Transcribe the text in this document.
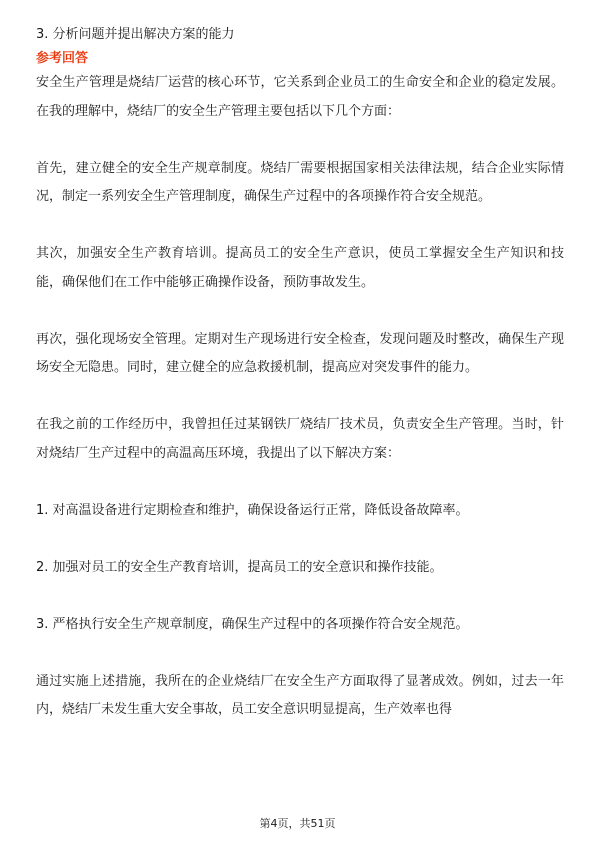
3. 分析问题并提出解决方案的能力
参考回答

安全生产管理是烧结厂运营的核心环节，它关系到企业员工的生命安全和企业的稳定发展。在我的理解中，烧结厂的安全生产管理主要包括以下几个方面：

首先，建立健全的安全生产规章制度。烧结厂需要根据国家相关法律法规，结合企业实际情况，制定一系列安全生产管理制度，确保生产过程中的各项操作符合安全规范。

其次，加强安全生产教育培训。提高员工的安全生产意识，使员工掌握安全生产知识和技能，确保他们在工作中能够正确操作设备，预防事故发生。

再次，强化现场安全管理。定期对生产现场进行安全检查，发现问题及时整改，确保生产现场安全无隐患。同时，建立健全的应急救援机制，提高应对突发事件的能力。

在我之前的工作经历中，我曾担任过某钢铁厂烧结厂技术员，负责安全生产管理。当时，针对烧结厂生产过程中的高温高压环境，我提出了以下解决方案：

1. 对高温设备进行定期检查和维护，确保设备运行正常，降低设备故障率。

2. 加强对员工的安全生产教育培训，提高员工的安全意识和操作技能。

3. 严格执行安全生产规章制度，确保生产过程中的各项操作符合安全规范。

通过实施上述措施，我所在的企业烧结厂在安全生产方面取得了显著成效。例如，过去一年内，烧结厂未发生重大安全事故，员工安全意识明显提高，生产效率也得

第4页，共51页
